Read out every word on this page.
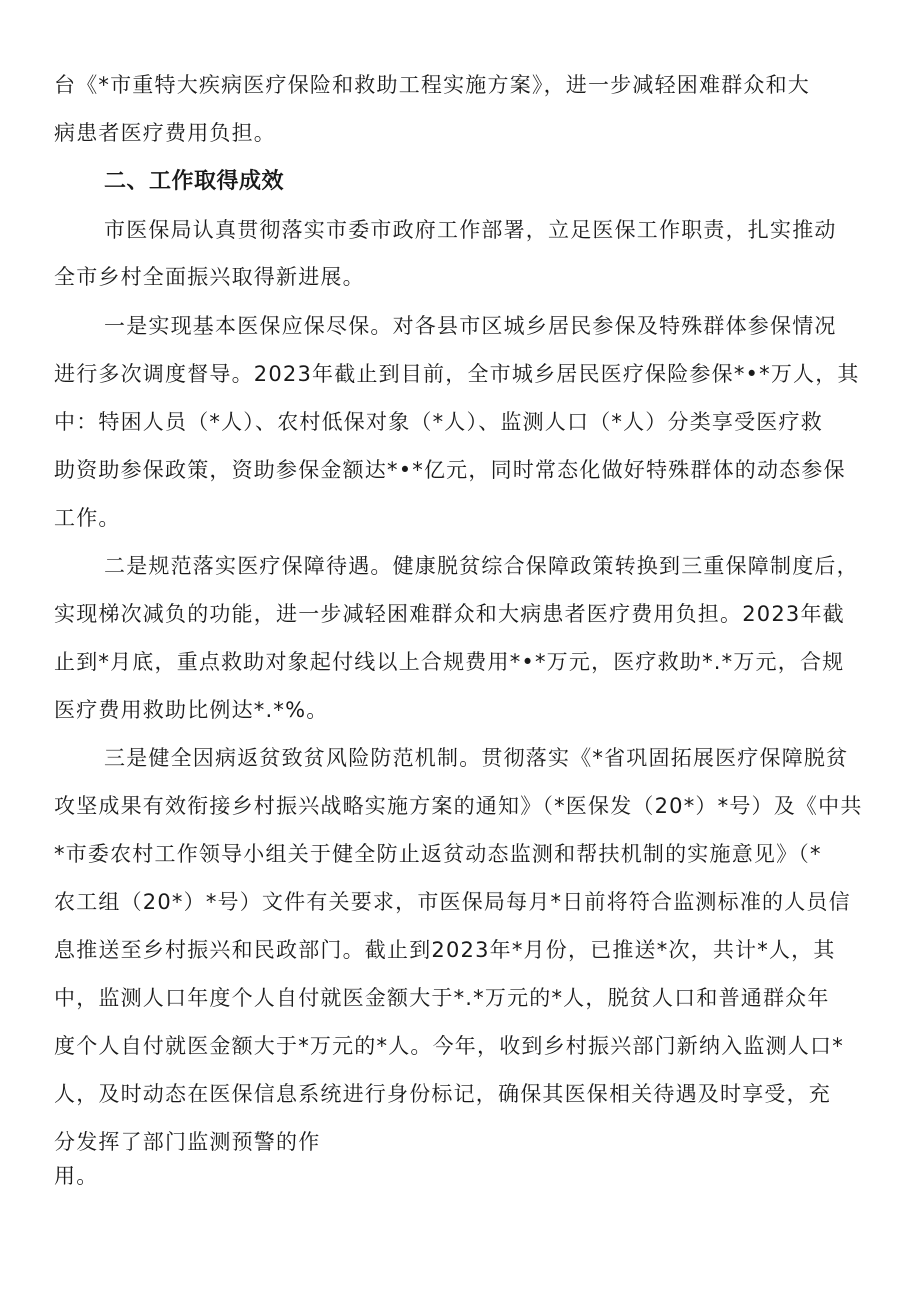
台《*市重特大疾病医疗保险和救助工程实施方案》，进一步减轻困难群众和大
病患者医疗费用负担。
二、工作取得成效
市医保局认真贯彻落实市委市政府工作部署，立足医保工作职责，扎实推动
全市乡村全面振兴取得新进展。
一是实现基本医保应保尽保。对各县市区城乡居民参保及特殊群体参保情况
进行多次调度督导。2023年截止到目前，全市城乡居民医疗保险参保*•*万人，其
中：特困人员（*人）、农村低保对象（*人）、监测人口（*人）分类享受医疗救
助资助参保政策，资助参保金额达*•*亿元，同时常态化做好特殊群体的动态参保
工作。
二是规范落实医疗保障待遇。健康脱贫综合保障政策转换到三重保障制度后，
实现梯次减负的功能，进一步减轻困难群众和大病患者医疗费用负担。2023年截
止到*月底，重点救助对象起付线以上合规费用*•*万元，医疗救助*.*万元，合规
医疗费用救助比例达*.*%。
三是健全因病返贫致贫风险防范机制。贯彻落实《*省巩固拓展医疗保障脱贫
攻坚成果有效衔接乡村振兴战略实施方案的通知》（*医保发（20*）*号）及《中共
*市委农村工作领导小组关于健全防止返贫动态监测和帮扶机制的实施意见》（*
农工组（20*）*号）文件有关要求，市医保局每月*日前将符合监测标准的人员信
息推送至乡村振兴和民政部门。截止到2023年*月份，已推送*次，共计*人，其
中，监测人口年度个人自付就医金额大于*.*万元的*人，脱贫人口和普通群众年
度个人自付就医金额大于*万元的*人。今年，收到乡村振兴部门新纳入监测人口*
人，及时动态在医保信息系统进行身份标记，确保其医保相关待遇及时享受，充
分发挥了部门监测预警的作
用。
